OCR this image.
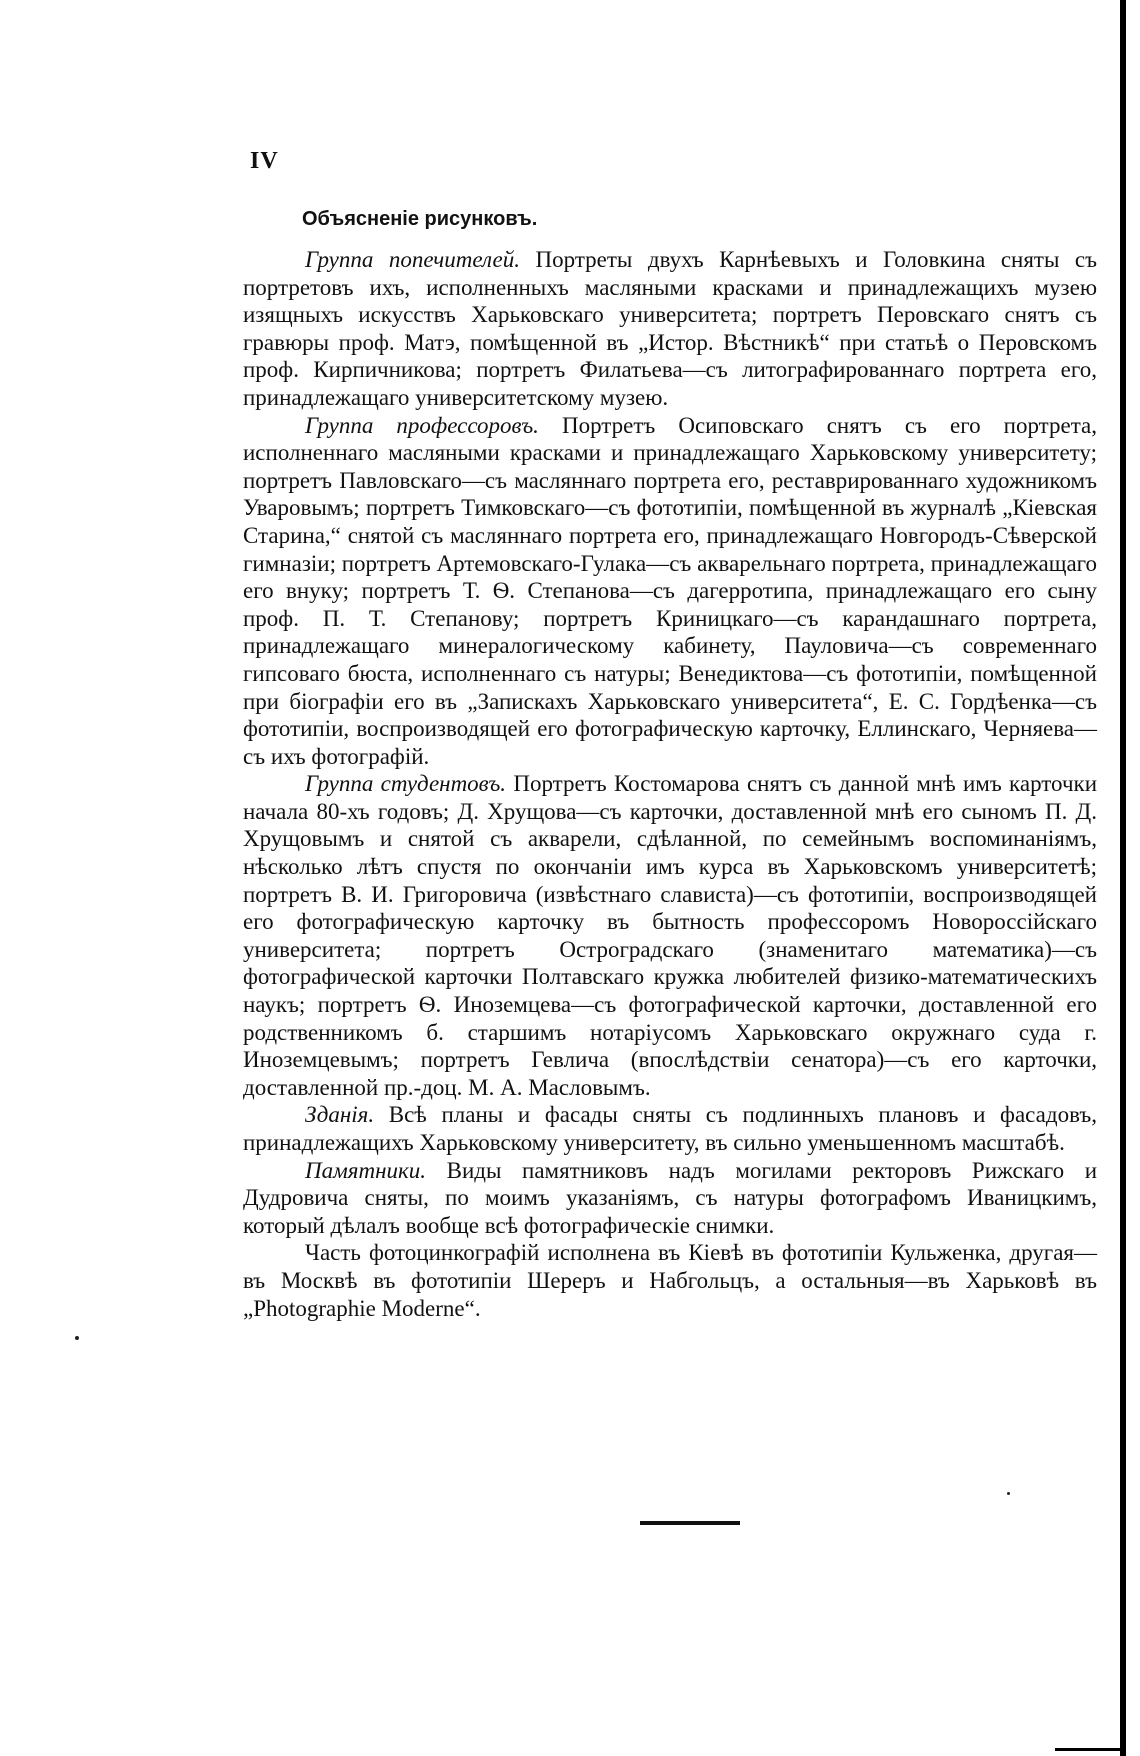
IV
Объясненіе рисунковъ.

Группа попечителей. Портреты двухъ Карнѣевыхъ и Головкина сняты съ портретовъ ихъ, исполненныхъ масляными красками и принадлежащихъ музею изящныхъ искусствъ Харьковскаго университета; портретъ Перовскаго снятъ съ гравюры проф. Матэ, помѣщенной въ „Истор. Вѣстникѣ“ при статьѣ о Перовскомъ проф. Кирпичникова; портретъ Филатьева—съ литографированнаго портрета его, принадлежащаго университетскому музею.

Группа профессоровъ. Портретъ Осиповскаго снятъ съ его портрета, исполненнаго масляными красками и принадлежащаго Харьковскому университету; портретъ Павловскаго—съ масляннаго портрета его, реставрированнаго художникомъ Уваровымъ; портретъ Тимковскаго—съ фототипіи, помѣщенной въ журналѣ „Кіевская Старина,“ снятой съ масляннаго портрета его, принадлежащаго Новгородъ-Сѣверской гимназіи; портретъ Артемовскаго-Гулака—съ акварельнаго портрета, принадлежащаго его внуку; портретъ Т. Ѳ. Степанова—съ дагерротипа, принадлежащаго его сыну проф. П. Т. Степанову; портретъ Криницкаго—съ карандашнаго портрета, принадлежащаго минералогическому кабинету, Пауловича—съ современнаго гипсоваго бюста, исполненнаго съ натуры; Венедиктова—съ фототипіи, помѣщенной при біографіи его въ „Запискахъ Харьковскаго университета“, Е. С. Гордѣенка—съ фототипіи, воспроизводящей его фотографическую карточку, Еллинскаго, Черняева—съ ихъ фотографій.

Группа студентовъ. Портретъ Костомарова снятъ съ данной мнѣ имъ карточки начала 80-хъ годовъ; Д. Хрущова—съ карточки, доставленной мнѣ его сыномъ П. Д. Хрущовымъ и снятой съ акварели, сдѣланной, по семейнымъ воспоминаніямъ, нѣсколько лѣтъ спустя по окончаніи имъ курса въ Харьковскомъ университетѣ; портретъ В. И. Григоровича (извѣстнаго слависта)—съ фототипіи, воспроизводящей его фотографическую карточку въ бытность профессоромъ Новороссійскаго университета; портретъ Остроградскаго (знаменитаго математика)—съ фотографической карточки Полтавскаго кружка любителей физико-математическихъ наукъ; портретъ Ѳ. Иноземцева—съ фотографической карточки, доставленной его родственникомъ б. старшимъ нотаріусомъ Харьковскаго окружнаго суда г. Иноземцевымъ; портретъ Гевлича (впослѣдствіи сенатора)—съ его карточки, доставленной пр.-доц. М. А. Масловымъ.

Зданія. Всѣ планы и фасады сняты съ подлинныхъ плановъ и фасадовъ, принадлежащихъ Харьковскому университету, въ сильно уменьшенномъ масштабѣ.

Памятники. Виды памятниковъ надъ могилами ректоровъ Рижскаго и Дудровича сняты, по моимъ указаніямъ, съ натуры фотографомъ Иваницкимъ, который дѣлалъ вообще всѣ фотографическіе снимки.

Часть фотоцинкографій исполнена въ Кіевѣ въ фототипіи Кульженка, другая—въ Москвѣ въ фототипіи Шереръ и Набгольцъ, а остальныя—въ Харьковѣ въ „Photographie Moderne“.
